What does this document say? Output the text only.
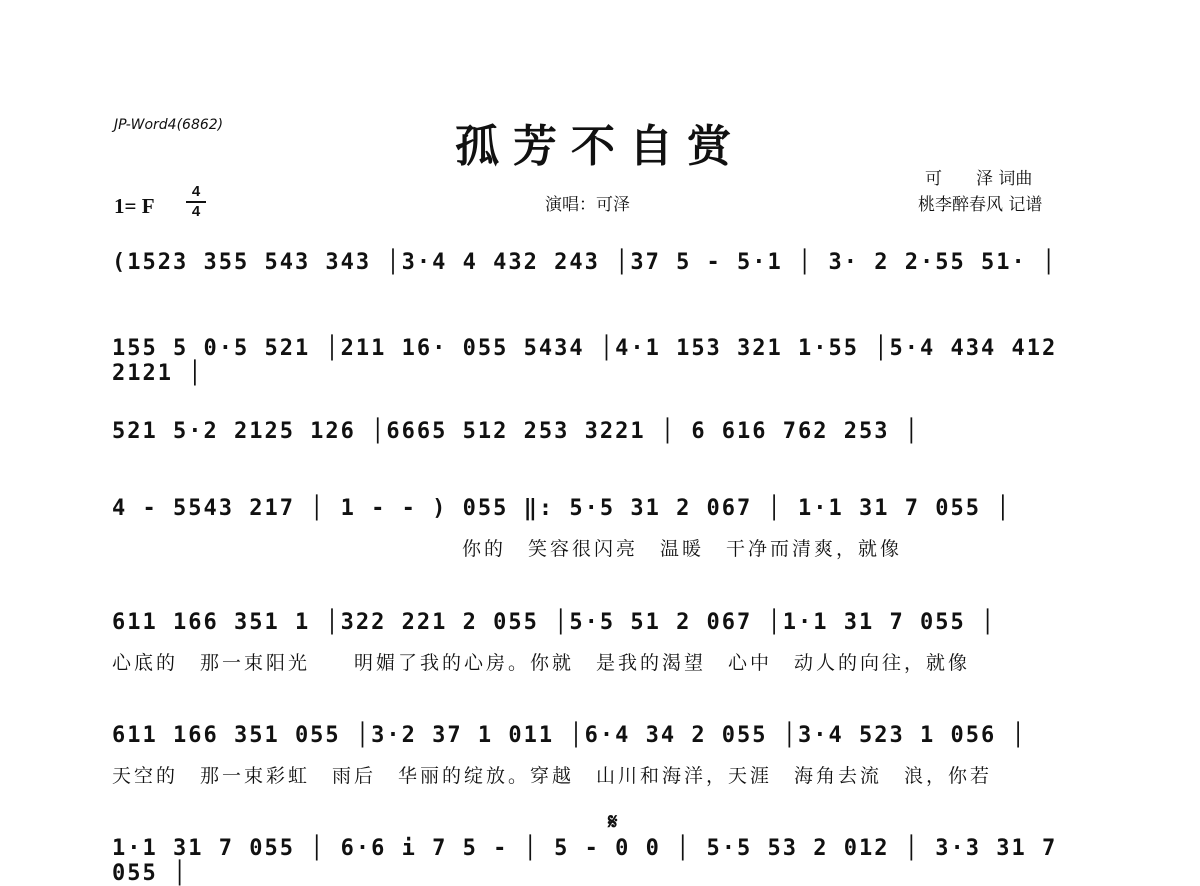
JP-Word4(6862)	孤芳不自赏
1= F
4
4	演唱：可泽
可　　泽 词曲
桃李醉春风 记谱
(1523 355 543 343 │3·4 4 432 243 │37 5 - 5·1 │ 3· 2 2·55 51· │
155 5 0·5 521 │211 16· 055 5434 │4·1 153 321 1·55 │5·4 434 412 2121 │
521 5·2 2125 126 │6665 512 253 3221 │ 6 616 762 253 │
4 - 5543 217 │ 1 - - ) 055 ‖: 5·5 31 2 067 │ 1·1 31 7 055 │
你的　笑容很闪亮　温暖　干净而清爽，就像
611 166 351 1 │322 221 2 055 │5·5 51 2 067 │1·1 31 7 055 │
心底的　那一束阳光　　明媚了我的心房。你就　是我的渴望　心中　动人的向往，就像
611 166 351 055 │3·2 37 1 011 │6·4 34 2 055 │3·4 523 1 056 │
天空的　那一束彩虹　雨后　华丽的绽放。穿越　山川和海洋，天涯　海角去流　浪，你若
1·1 31 7 055 │ 6·6 i 7 5 - │ 5 - 0 0 │ 5·5 53 2 012 │ 3·3 31 7 055 │
𝄋
